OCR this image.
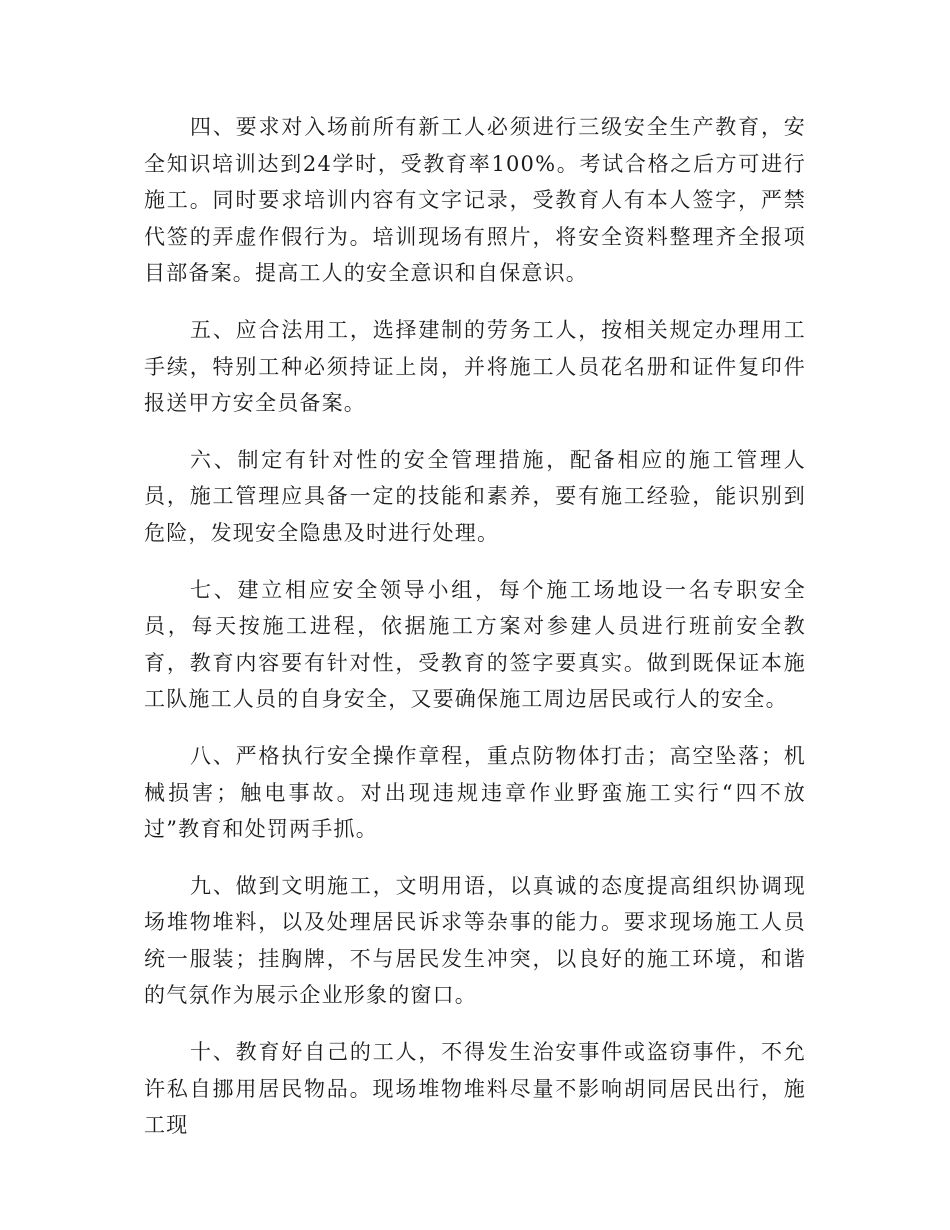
四、要求对入场前所有新工人必须进行三级安全生产教育，安全知识培训达到24学时，受教育率100%。考试合格之后方可进行施工。同时要求培训内容有文字记录，受教育人有本人签字，严禁代签的弄虚作假行为。培训现场有照片，将安全资料整理齐全报项目部备案。提高工人的安全意识和自保意识。

五、应合法用工，选择建制的劳务工人，按相关规定办理用工手续，特别工种必须持证上岗，并将施工人员花名册和证件复印件报送甲方安全员备案。

六、制定有针对性的安全管理措施，配备相应的施工管理人员，施工管理应具备一定的技能和素养，要有施工经验，能识别到危险，发现安全隐患及时进行处理。

七、建立相应安全领导小组，每个施工场地设一名专职安全员，每天按施工进程，依据施工方案对参建人员进行班前安全教育，教育内容要有针对性，受教育的签字要真实。做到既保证本施工队施工人员的自身安全，又要确保施工周边居民或行人的安全。

八、严格执行安全操作章程，重点防物体打击；高空坠落；机械损害；触电事故。对出现违规违章作业野蛮施工实行“四不放过”教育和处罚两手抓。

九、做到文明施工，文明用语，以真诚的态度提高组织协调现场堆物堆料，以及处理居民诉求等杂事的能力。要求现场施工人员统一服装；挂胸牌，不与居民发生冲突，以良好的施工环境，和谐的气氛作为展示企业形象的窗口。

十、教育好自己的工人，不得发生治安事件或盗窃事件，不允许私自挪用居民物品。现场堆物堆料尽量不影响胡同居民出行，施工现
